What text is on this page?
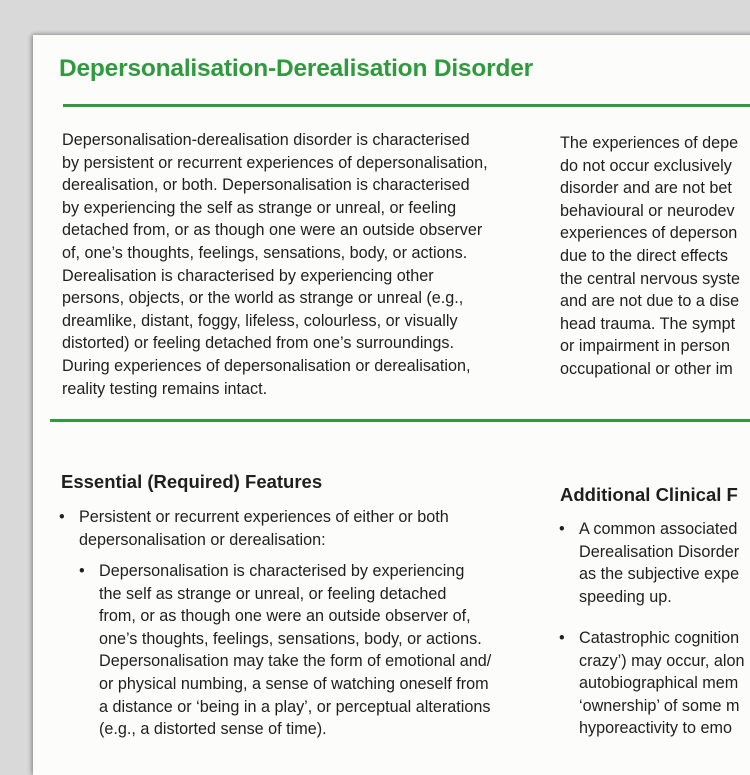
Depersonalisation-Derealisation Disorder

Depersonalisation-derealisation disorder is characterised
by persistent or recurrent experiences of depersonalisation,
derealisation, or both. Depersonalisation is characterised
by experiencing the self as strange or unreal, or feeling
detached from, or as though one were an outside observer
of, one’s thoughts, feelings, sensations, body, or actions.
Derealisation is characterised by experiencing other
persons, objects, or the world as strange or unreal (e.g.,
dreamlike, distant, foggy, lifeless, colourless, or visually
distorted) or feeling detached from one’s surroundings.
During experiences of depersonalisation or derealisation,
reality testing remains intact.

The experiences of depe
do not occur exclusively
disorder and are not bet
behavioural or neurodev
experiences of deperson
due to the direct effects
the central nervous syste
and are not due to a dise
head trauma. The sympt
or impairment in person
occupational or other im

Essential (Required) Features
• Persistent or recurrent experiences of either or both
depersonalisation or derealisation:
• Depersonalisation is characterised by experiencing
the self as strange or unreal, or feeling detached
from, or as though one were an outside observer of,
one’s thoughts, feelings, sensations, body, or actions.
Depersonalisation may take the form of emotional and/
or physical numbing, a sense of watching oneself from
a distance or ‘being in a play’, or perceptual alterations
(e.g., a distorted sense of time).
Additional Clinical F
• A common associated
Derealisation Disorder
as the subjective expe
speeding up.
• Catastrophic cognition
crazy’) may occur, alon
autobiographical mem
‘ownership’ of some m
hyporeactivity to emo
